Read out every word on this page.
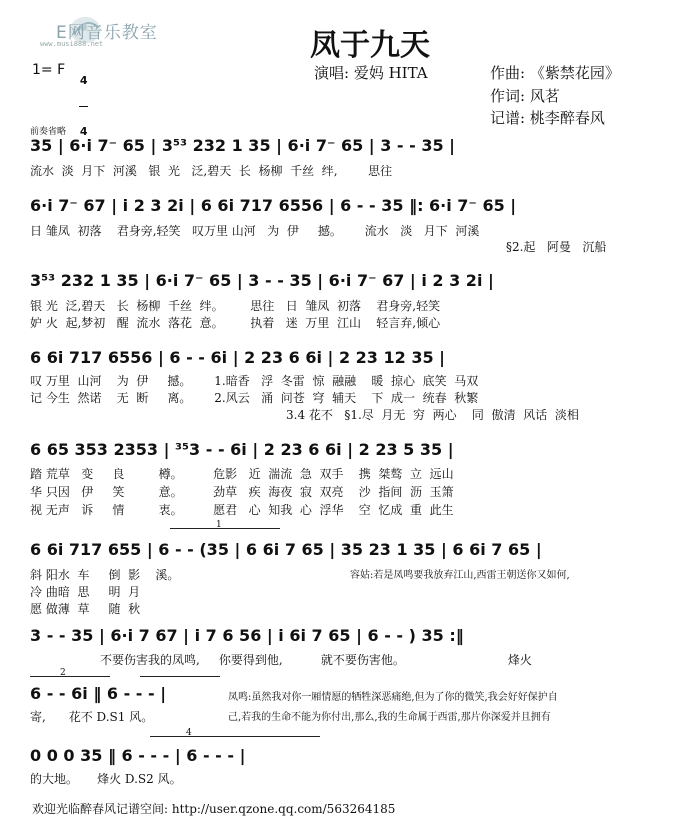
E网音乐教室
www.musi888.net	凤于九天
演唱: 爱妈 HITA	作曲: 《紫禁花园》
作词: 风茗
记谱: 桃李醉春风
1= F

4

4

前奏省略
35 | 6·i 7⁻ 65 | 3⁵³ 232 1 35 | 6·i 7⁻ 65 | 3 - - 35 |
流水  淡  月下  河溪   银  光   泛,碧天  长  杨柳  千丝  绊,        思往
6·i 7⁻ 67 | i 2 3 2i | 6 6i 717 6556 | 6 - - 35 ‖: 6·i 7⁻ 65 |
日 雏凤  初落    君身旁,轻笑   叹万里 山河   为  伊     撼。      流水   淡   月下  河溪
§2.起   阿曼   沉船
3⁵³ 232 1 35 | 6·i 7⁻ 65 | 3 - - 35 | 6·i 7⁻ 67 | i 2 3 2i |
银 光  泛,碧天   长  杨柳  千丝  绊。       思往   日  雏凤  初落    君身旁,轻笑
妒 火  起,梦初   醒  流水  落花  意。       执着   迷  万里  江山    轻言弃,倾心
6 6i 717 6556 | 6 - - 6i | 2 23 6 6i | 2 23 12 35 |
叹 万里  山河    为  伊     撼。      1.暗香   浮  冬雷  惊  融融    暖  掠心  底笑  马双
记 今生  然诺    无  断     离。      2.风云   涌  问苍  穹  辅天    下  成一  统春  秋繁
3.4 花不   §1.尽  月无  穷  两心    同  傲清  风话  淡相
6 65 353 2353 | ³⁵3 - - 6i | 2 23 6 6i | 2 23 5 35 |
踏 荒草   变     良         樽。        危影   近  湍流  急  双手    携  桀骜  立  远山
华 只因   伊     笑         意。        劲草   疾  海夜  寂  双亮    沙  指间  沥  玉箫
视 无声   诉     情         衷。        愿君   心  知我  心  浮华    空  忆成  重  此生
1
6 6i 717 655 | 6 - - (35 | 6 6i 7 65 | 35 23 1 35 | 6 6i 7 65 |
斜 阳水  车     倒  影    溪。	容姑:若是凤鸣要我放弃江山,西雷王朝送你又如何,
冷 曲暗  思     明  月
愿 做薄  草     随  秋
3 - - 35 | 6·i 7 67 | i 7 6 56 | i 6i 7 65 | 6 - - ) 35 :‖
不要伤害我的凤鸣,     你要得到他,          就不要伤害他。                           烽火
2
6 - - 6i ‖ 6 - - - |
寄,      花不 D.S1 风。
凤鸣:虽然我对你一厢情愿的牺牲深恶痛绝,但为了你的微笑,我会好好保护自
己,若我的生命不能为你付出,那么,我的生命属于西雷,那片你深爱并且拥有
4
0 0 0 35 ‖ 6 - - - | 6 - - - |
的大地。     烽火 D.S2 风。
欢迎光临醉春风记谱空间: http://user.qzone.qq.com/563264185
